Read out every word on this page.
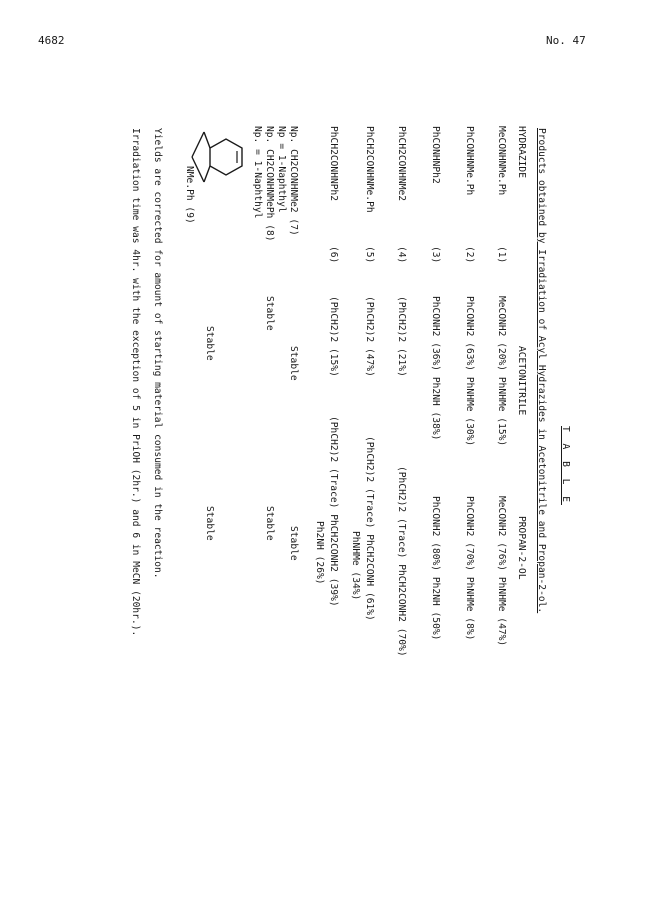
4682	No. 47
T A B L E
Products obtained by Irradiation of Acyl Hydrazides in Acetonitrile and Propan-2-ol.
HYDRAZIDE
ACETONITRILE
PROPAN-2-OL
MeCONHNMe.Ph
(1)
MeCONH2 (20%) PhNHMe (15%)
MeCONH2 (76%) PhNHMe (47%)
PhCONHNMe.Ph
(2)
PhCONH2 (63%) PhNHMe (30%)
PhCONH2 (70%) PhNHMe (8%)
PhCONHNPh2
(3)
PhCONH2 (36%) Ph2NH (38%)
PhCONH2 (80%) Ph2NH (50%)
PhCH2CONHNMe2
(4)
(PhCH2)2 (21%)
(PhCH2)2 (Trace) PhCH2CONH2 (70%)
PhCH2CONHNMe.Ph
(5)
(PhCH2)2 (47%)
(PhCH2)2 (Trace) PhCH2CONH (61%)
PhNHMe (34%)
PhCH2CONHNPh2
(6)
(PhCH2)2 (15%)
(PhCH2)2 (Trace) PhCH2CONH2 (39%)
Ph2NH (26%)
Np. CH2CONHNMe2 (7)
Np = 1-Naphthyl
Stable
Stable
Np. CH2CONHNMePh (8)
Np. = 1-Naphthyl
Stable
Stable
NMe.Ph (9)
Stable
Stable
Yields are corrected for amount of starting material consumed in the reaction.
Irradiation time was 4hr. with the exception of 5 in PriOH (2hr.) and 6 in MeCN (20hr.).
